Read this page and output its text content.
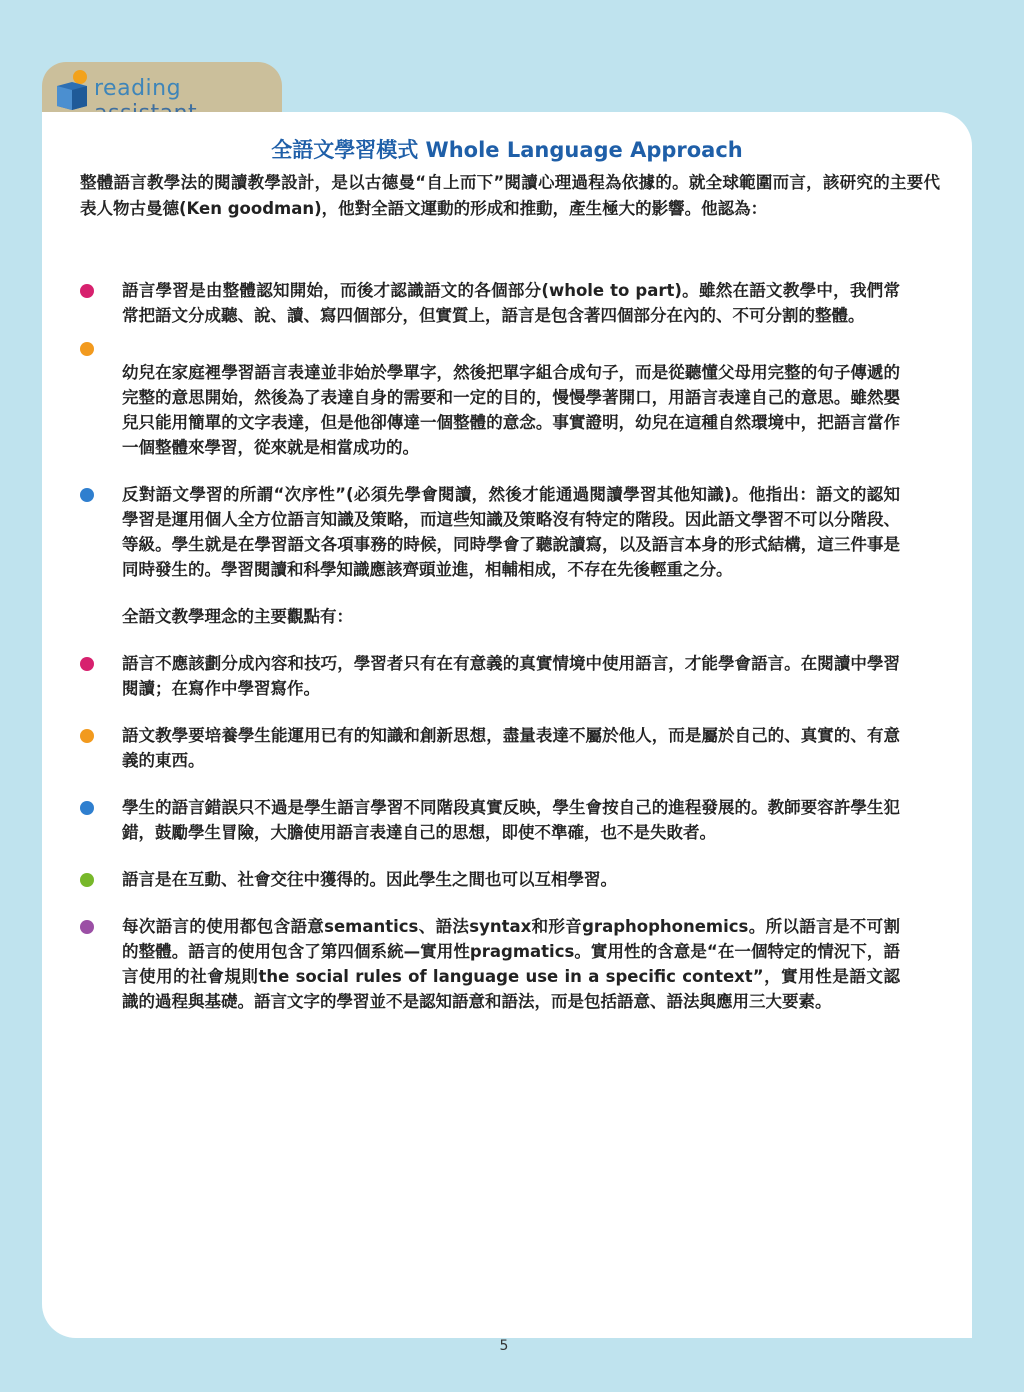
reading
全語文學習模式 Whole Language Approach
整體語言教學法的閱讀教學設計，是以古德曼“自上而下”閱讀心理過程為依據的。就全球範圍而言，該研究的主要代表人物古曼德(Ken goodman)，他對全語文運動的形成和推動，產生極大的影響。他認為：
語言學習是由整體認知開始，而後才認識語文的各個部分(whole to part)。雖然在語文教學中，我們常常把語文分成聽、說、讀、寫四個部分，但實質上，語言是包含著四個部分在內的、不可分割的整體。
幼兒在家庭裡學習語言表達並非始於學單字，然後把單字組合成句子，而是從聽懂父母用完整的句子傳遞的完整的意思開始，然後為了表達自身的需要和一定的目的，慢慢學著開口，用語言表達自己的意思。雖然嬰兒只能用簡單的文字表達，但是他卻傳達一個整體的意念。事實證明，幼兒在這種自然環境中，把語言當作一個整體來學習，從來就是相當成功的。
反對語文學習的所謂“次序性”(必須先學會閱讀，然後才能通過閱讀學習其他知識)。他指出：語文的認知學習是運用個人全方位語言知識及策略，而這些知識及策略沒有特定的階段。因此語文學習不可以分階段、等級。學生就是在學習語文各項事務的時候，同時學會了聽說讀寫，以及語言本身的形式結構，這三件事是同時發生的。學習閱讀和科學知識應該齊頭並進，相輔相成，不存在先後輕重之分。
全語文教學理念的主要觀點有：
語言不應該劃分成內容和技巧，學習者只有在有意義的真實情境中使用語言，才能學會語言。在閱讀中學習閱讀；在寫作中學習寫作。
語文教學要培養學生能運用已有的知識和創新思想，盡量表達不屬於他人，而是屬於自己的、真實的、有意義的東西。
學生的語言錯誤只不過是學生語言學習不同階段真實反映，學生會按自己的進程發展的。教師要容許學生犯錯，鼓勵學生冒險，大膽使用語言表達自己的思想，即使不準確，也不是失敗者。
語言是在互動、社會交往中獲得的。因此學生之間也可以互相學習。
每次語言的使用都包含語意semantics、語法syntax和形音graphophonemics。所以語言是不可割的整體。語言的使用包含了第四個系統—實用性pragmatics。實用性的含意是“在一個特定的情況下，語言使用的社會規則the social rules of language use in a specific context”，實用性是語文認識的過程與基礎。語言文字的學習並不是認知語意和語法，而是包括語意、語法與應用三大要素。
5
